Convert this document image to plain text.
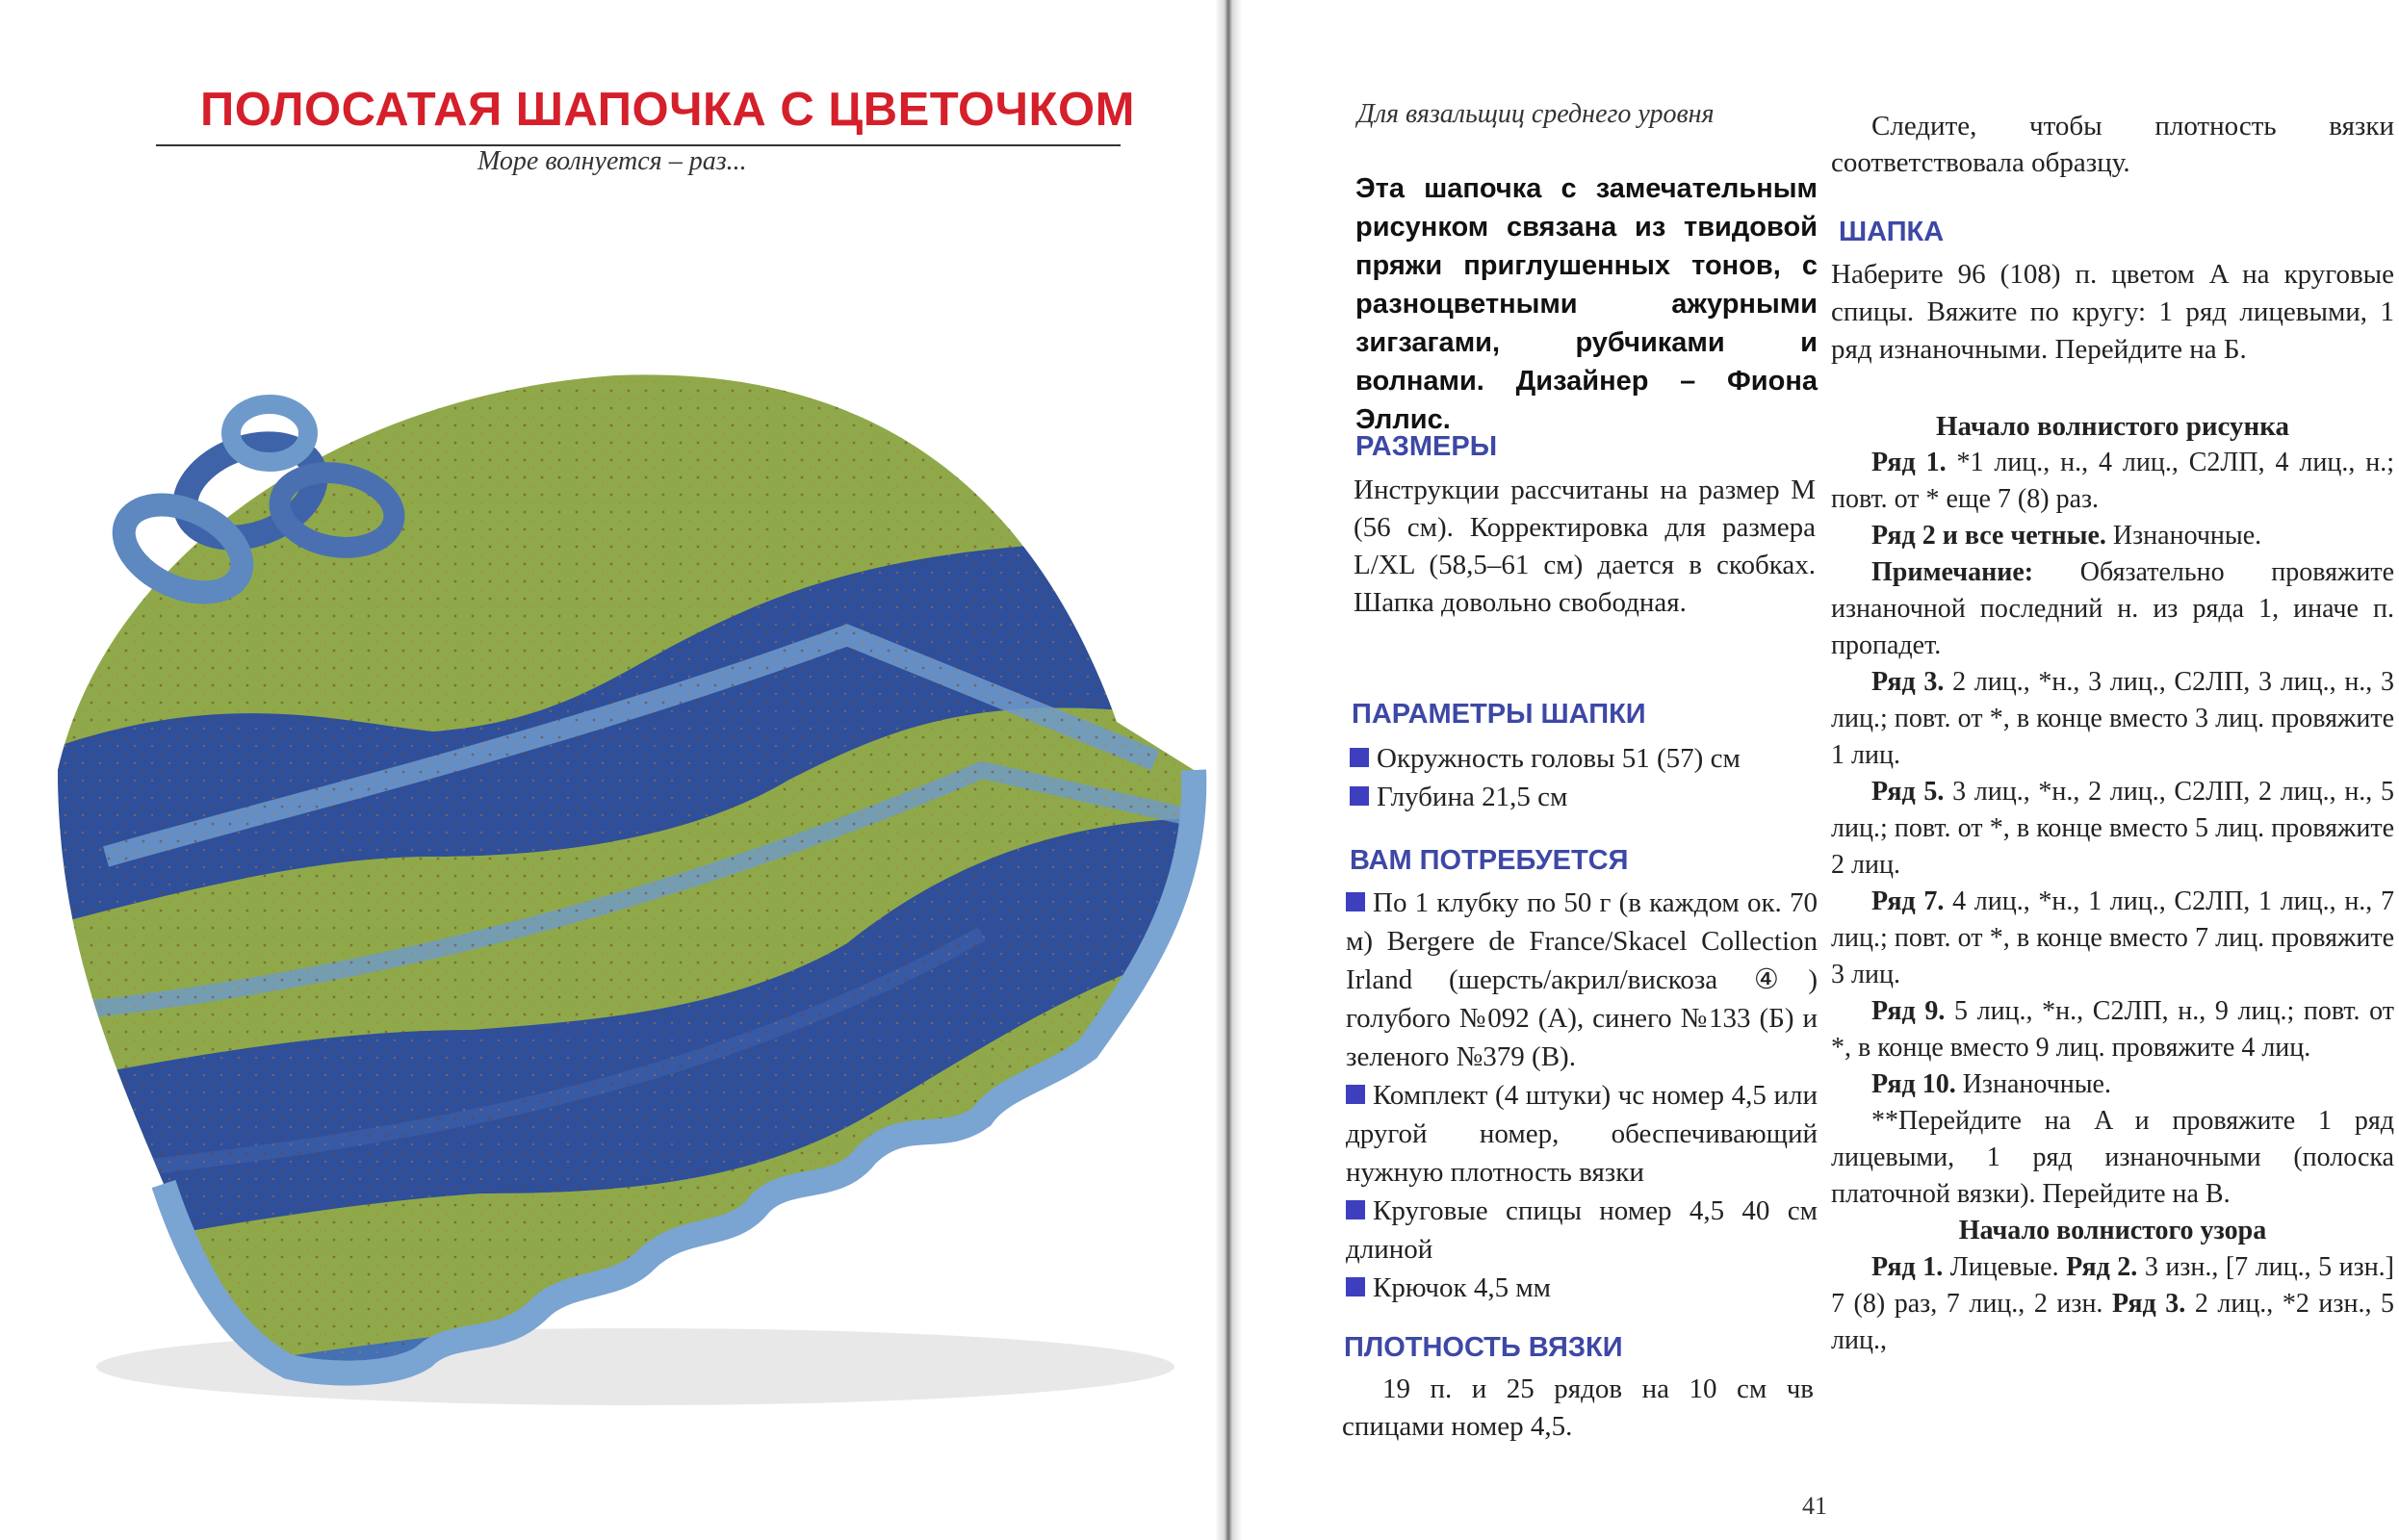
ПОЛОСАТАЯ ШАПОЧКА С ЦВЕТОЧКОМ
Море волнуется – раз...
Для вязальщиц среднего уровня
Эта шапочка с замечательным рисунком связана из твидовой пряжи приглушенных тонов, с разноцветными ажурными зигзагами, рубчиками и волнами. Дизайнер – Фиона Эллис.
РАЗМЕРЫ
Инструкции рассчитаны на размер M (56 см). Корректировка для размера L/XL (58,5–61 см) дается в скобках. Шапка довольно свободная.
ПАРАМЕТРЫ ШАПКИ

Окружность головы 51 (57) см

Глубина 21,5 см

ВАМ ПОТРЕБУЕТСЯ

По 1 клубку по 50 г (в каждом ок. 70 м) Bergere de France/Skacel Collection Irland (шерсть/акрил/вискоза ④) голубого №092 (A), синего №133 (Б) и зеленого №379 (В).

Комплект (4 штуки) чс номер 4,5 или другой номер, обеспечивающий нужную плотность вязки

Круговые спицы номер 4,5 40 см длиной

Крючок 4,5 мм

ПЛОТНОСТЬ ВЯЗКИ
19 п. и 25 рядов на 10 см чв спицами номер 4,5.
Следите, чтобы плотность вязки соответствовала образцу.
ШАПКА
Наберите 96 (108) п. цветом A на круговые спицы. Вяжите по кругу: 1 ряд лицевыми, 1 ряд изнаночными. Перейдите на Б.
Начало волнистого рисунка

Ряд 1. *1 лиц., н., 4 лиц., С2ЛП, 4 лиц., н.; повт. от * еще 7 (8) раз.

Ряд 2 и все четные. Изнаночные.

Примечание: Обязательно провяжите изнаночной последний н. из ряда 1, иначе п. пропадет.

Ряд 3. 2 лиц., *н., 3 лиц., С2ЛП, 3 лиц., н., 3 лиц.; повт. от *, в конце вместо 3 лиц. провяжите 1 лиц.

Ряд 5. 3 лиц., *н., 2 лиц., С2ЛП, 2 лиц., н., 5 лиц.; повт. от *, в конце вместо 5 лиц. провяжите 2 лиц.

Ряд 7. 4 лиц., *н., 1 лиц., С2ЛП, 1 лиц., н., 7 лиц.; повт. от *, в конце вместо 7 лиц. провяжите 3 лиц.

Ряд 9. 5 лиц., *н., С2ЛП, н., 9 лиц.; повт. от *, в конце вместо 9 лиц. провяжите 4 лиц.

Ряд 10. Изнаночные.

**Перейдите на A и провяжите 1 ряд лицевыми, 1 ряд изнаночными (полоска платочной вязки). Перейдите на В.

Начало волнистого узора

Ряд 1. Лицевые. Ряд 2. 3 изн., [7 лиц., 5 изн.] 7 (8) раз, 7 лиц., 2 изн. Ряд 3. 2 лиц., *2 изн., 5 лиц.,

41
